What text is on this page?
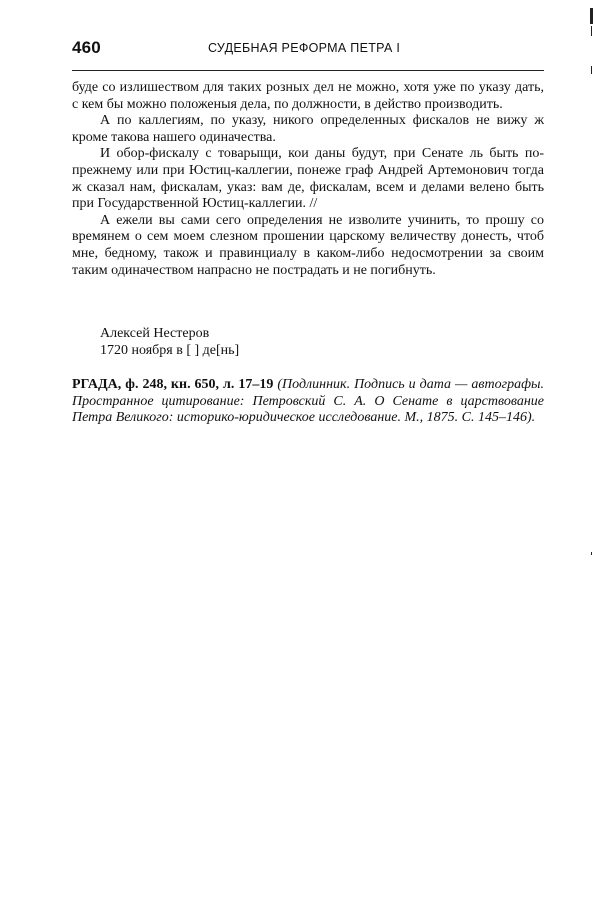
460	СУДЕБНАЯ РЕФОРМА ПЕТРА I

буде со излишеством для таких розных дел не можно, хотя уже по указу дать, с кем бы можно положеныя дела, по должности, в действо производить.

А по каллегиям, по указу, никого определенных фискалов не вижу ж кроме такова нашего одиначества.

И обор-фискалу с товарыщи, кои даны будут, при Сенате ль быть по-прежнему или при Юстиц-каллегии, понеже граф Андрей Артемонович тогда ж сказал нам, фискалам, указ: вам де, фискалам, всем и делами велено быть при Государственной Юстиц-каллегии. //

А ежели вы сами сего определения не изволите учинить, то прошу со времянем о сем моем слезном прошении царскому величеству донесть, чтоб мне, бедному, також и правинциалу в каком-либо недосмотрении за своим таким одиначеством напрасно не пострадать и не погибнуть.

Алексей Нестеров
1720 ноября в [ ] де[нь]
РГАДА, ф. 248, кн. 650, л. 17–19 (Подлинник. Подпись и дата — автографы. Пространное цитирование: Петровский С. А. О Сенате в царствование Петра Великого: историко-юридическое исследование. М., 1875. С. 145–146).
